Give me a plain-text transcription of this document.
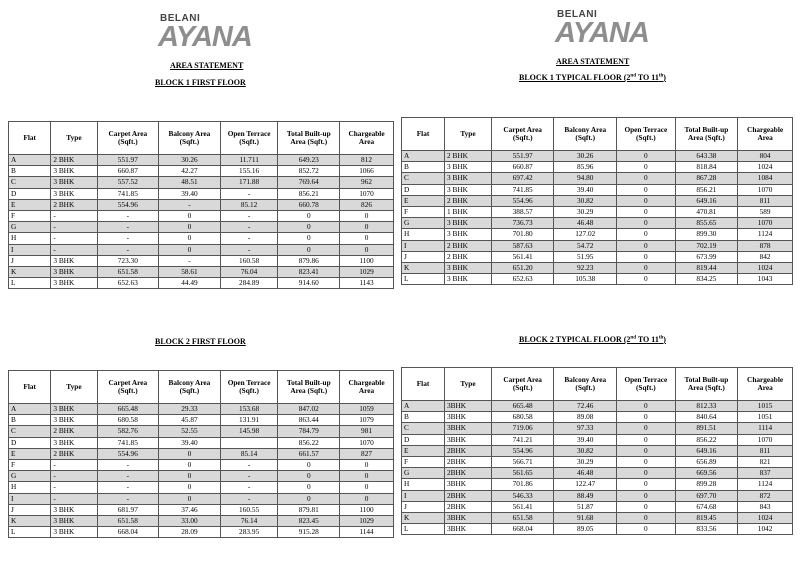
BELANI
AYANA
BELANI
AYANA
AREA STATEMENT	AREA STATEMENT
BLOCK 1 FIRST FLOOR
BLOCK 1 TYPICAL FLOOR (2nd TO 11th)
BLOCK 2 FIRST FLOOR	BLOCK 2 TYPICAL FLOOR (2nd TO 11th)
Flat	Type	Carpet Area (Sqft.)	Balcony Area (Sqft.)	Open Terrace (Sqft.)	Total Built-up Area (Sqft.)	Chargeable Area
A	2 BHK	551.97	30.26	11.711	649.23	812
B	3 BHK	660.87	42.27	155.16	852.72	1066
C	3 BHK	557.52	48.51	171.88	769.64	962
D	3 BHK	741.85	39.40	-	856.21	1070
E	2 BHK	554.96	-	85.12	660.78	826
F	-	-	0	-	0	0
G	-	-	0	-	0	0
H	-	-	0	-	0	0
I	-	-	0	-	0	0
J	3 BHK	723.30	-	160.58	879.86	1100
K	3 BHK	651.58	58.61	76.04	823.41	1029
L	3 BHK	652.63	44.49	284.89	914.60	1143
Flat	Type	Carpet Area (Sqft.)	Balcony Area (Sqft.)	Open Terrace (Sqft.)	Total Built-up Area (Sqft.)	Chargeable Area
A	2 BHK	551.97	30.26	0	643.38	804
B	3 BHK	660.87	85.96	0	818.84	1024
C	3 BHK	697.42	94.80	0	867.28	1084
D	3 BHK	741.85	39.40	0	856.21	1070
E	2 BHK	554.96	30.82	0	649.16	811
F	1 BHK	388.57	30.29	0	470.81	589
G	3 BHK	736.73	46.48	0	855.65	1070
H	3 BHK	701.80	127.02	0	899.30	1124
I	2 BHK	587.63	54.72	0	702.19	878
J	2 BHK	561.41	51.95	0	673.99	842
K	3 BHK	651.20	92.23	0	819.44	1024
L	3 BHK	652.63	105.38	0	834.25	1043
Flat	Type	Carpet Area (Sqft.)	Balcony Area (Sqft.)	Open Terrace (Sqft.)	Total Built-up Area (Sqft.)	Chargeable Area
A	3 BHK	665.48	29.33	153.68	847.02	1059
B	3 BHK	680.58	45.87	131.91	863.44	1079
C	2 BHK	582.76	52.55	145.98	784.79	981
D	3 BHK	741.85	39.40		856.22	1070
E	2 BHK	554.96	0	85.14	661.57	827
F	-	-	0	-	0	0
G	-	-	0	-	0	0
H	-	-	0	-	0	0
I	-	-	0	-	0	0
J	3 BHK	681.97	37.46	160.55	879.81	1100
K	3 BHK	651.58	33.00	76.14	823.45	1029
L	3 BHK	668.04	28.09	283.95	915.28	1144
Flat	Type	Carpet Area (Sqft.)	Balcony Area (Sqft.)	Open Terrace (Sqft.)	Total Built-up Area (Sqft.)	Chargeable Area
A	3BHK	665.48	72.46	0	812.33	1015
B	3BHK	680.58	89.08	0	840.64	1051
C	3BHK	719.06	97.33	0	891.51	1114
D	3BHK	741.21	39.40	0	856.22	1070
E	2BHK	554.96	30.82	0	649.16	811
F	2BHK	566.71	30.29	0	656.89	821
G	2BHK	561.65	46.48	0	669.56	837
H	3BHK	701.86	122.47	0	899.28	1124
I	2BHK	546.33	88.49	0	697.70	872
J	2BHK	561.41	51.87	0	674.68	843
K	3BHK	651.58	91.68	0	819.45	1024
L	3BHK	668.04	89.05	0	833.56	1042
